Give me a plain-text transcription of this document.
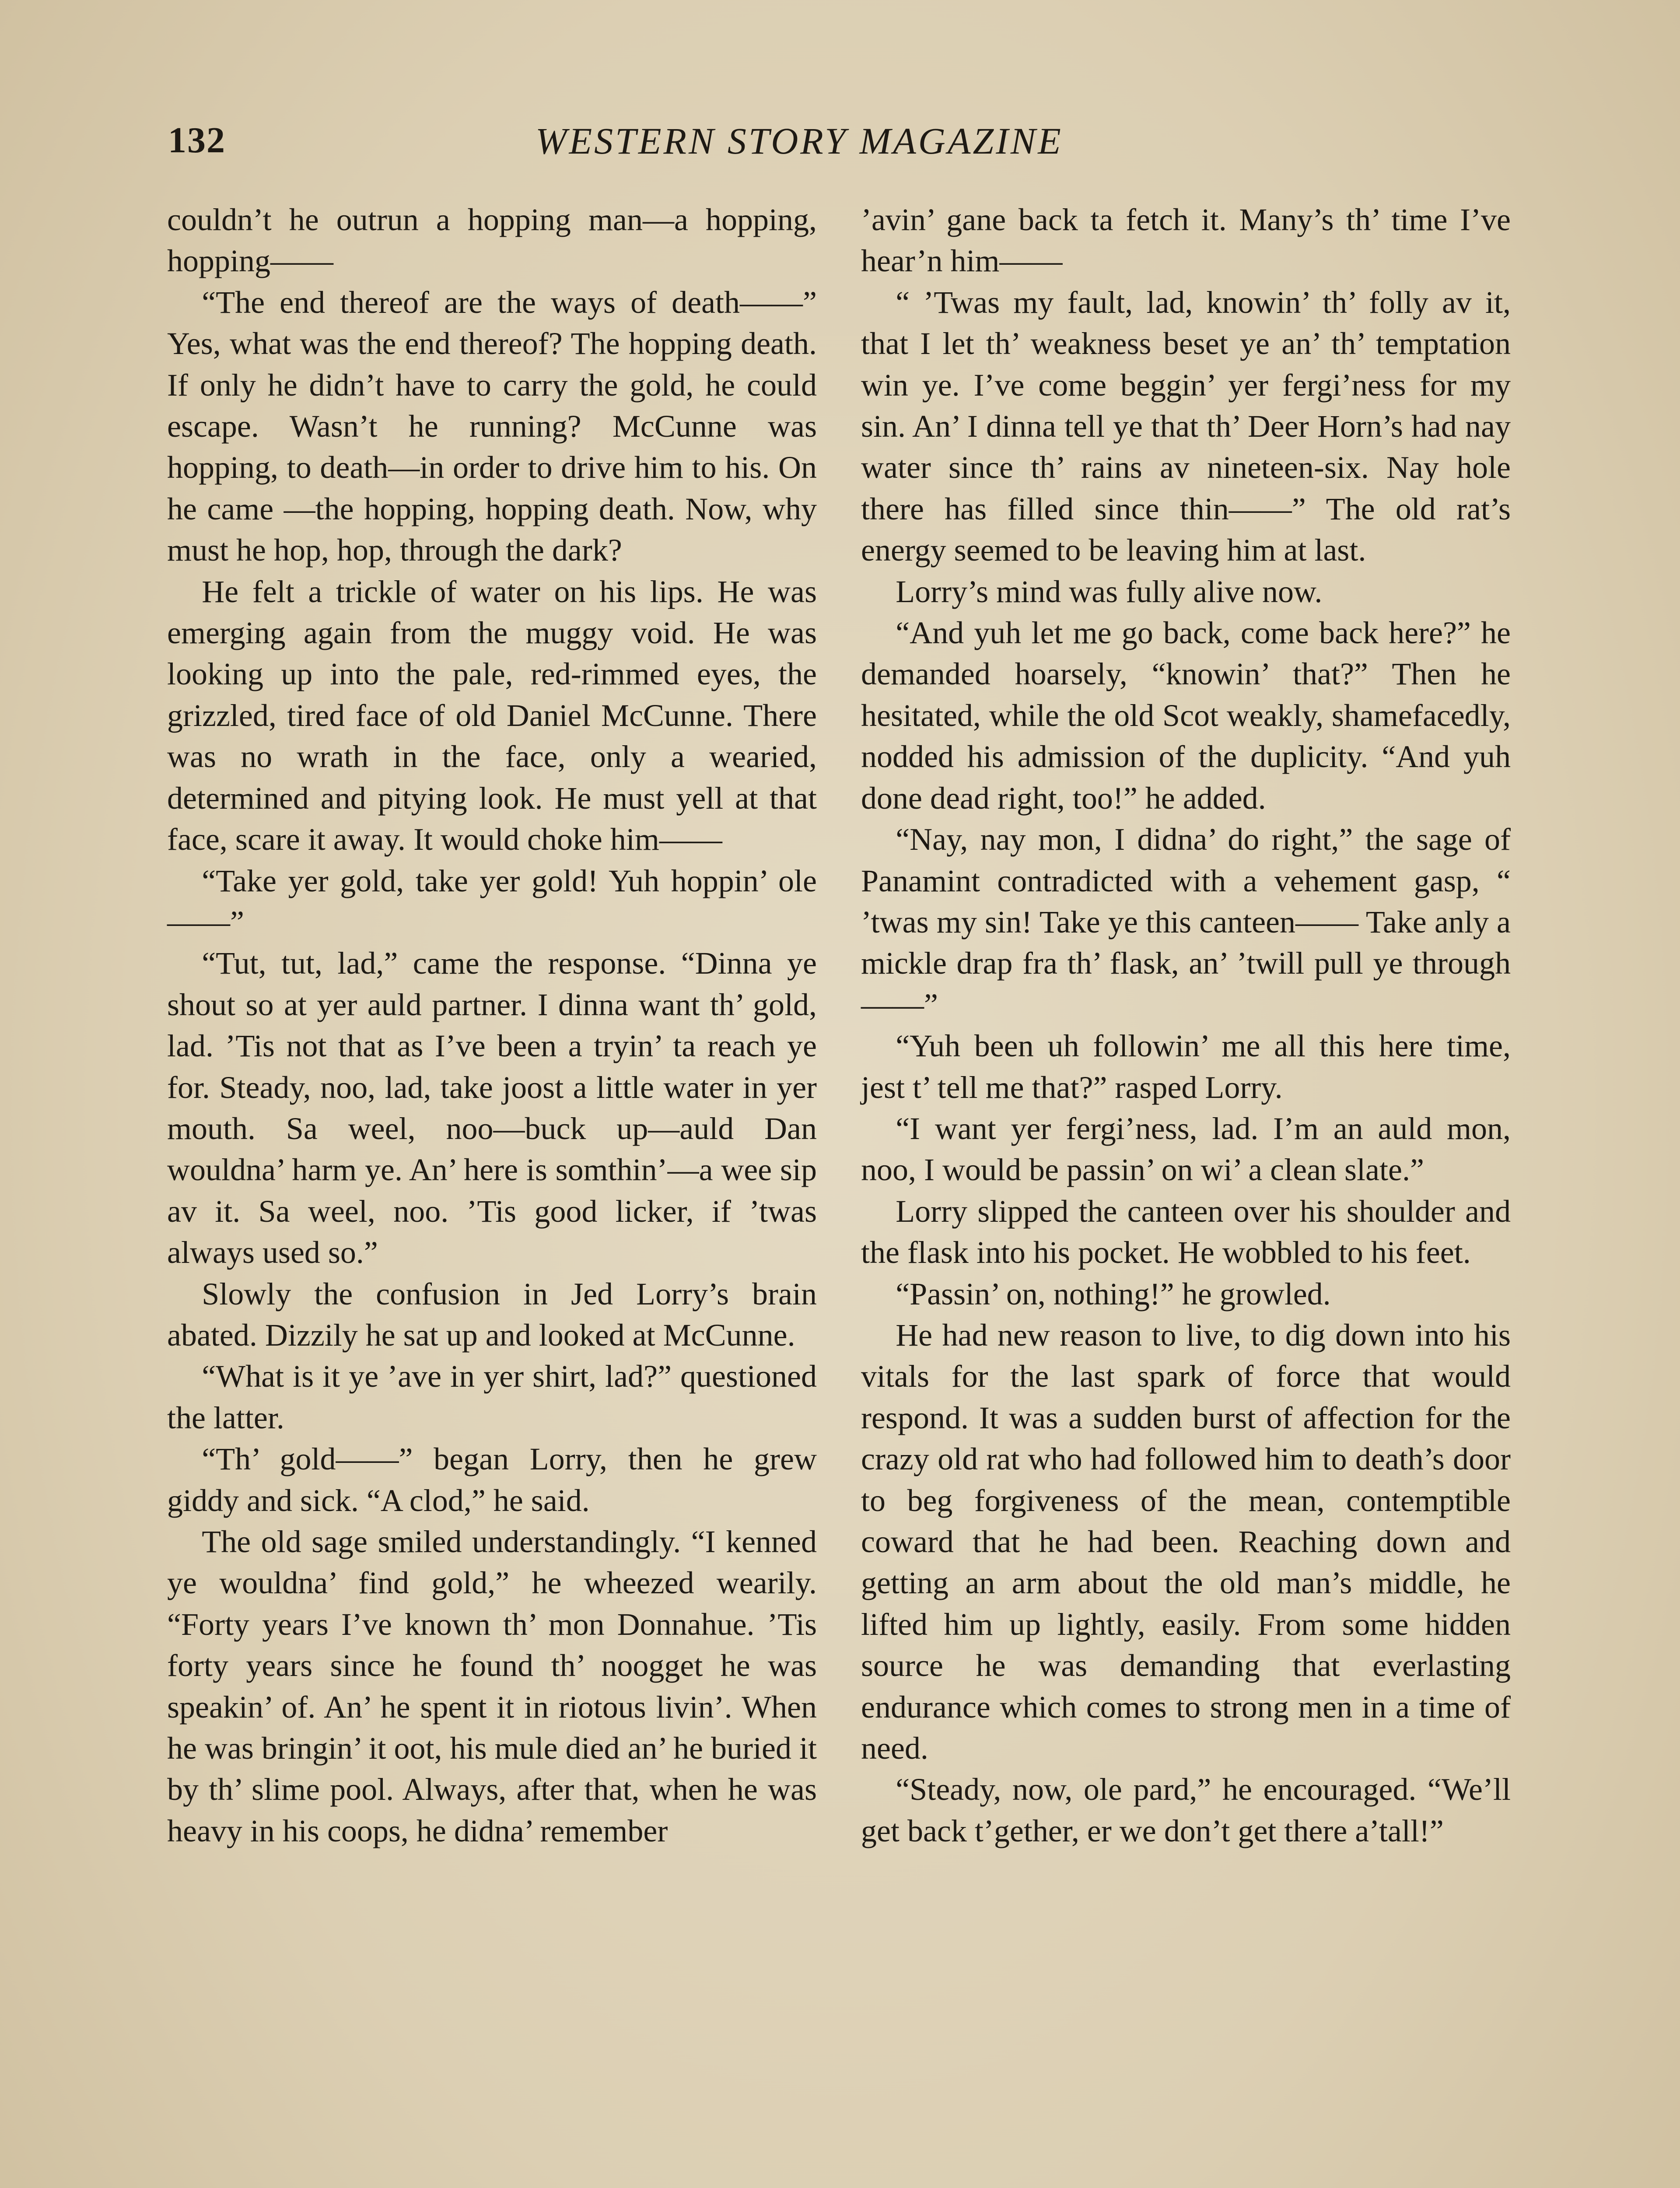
132	WESTERN STORY MAGAZINE

couldn’t he outrun a hopping man—a hopping, hopping——

“The end thereof are the ways of death——” Yes, what was the end thereof? The hopping death. If only he didn’t have to carry the gold, he could escape. Wasn’t he running? McCunne was hopping, to death—in order to drive him to his. On he came —the hopping, hopping death. Now, why must he hop, hop, through the dark?

He felt a trickle of water on his lips. He was emerging again from the muggy void. He was looking up into the pale, red-rimmed eyes, the grizzled, tired face of old Daniel McCunne. There was no wrath in the face, only a wearied, determined and pitying look. He must yell at that face, scare it away. It would choke him——

“Take yer gold, take yer gold! Yuh hoppin’ ole——”

“Tut, tut, lad,” came the response. “Dinna ye shout so at yer auld partner. I dinna want th’ gold, lad. ’Tis not that as I’ve been a tryin’ ta reach ye for. Steady, noo, lad, take joost a little water in yer mouth. Sa weel, noo—buck up—auld Dan wouldna’ harm ye. An’ here is somthin’—a wee sip av it. Sa weel, noo. ’Tis good licker, if ’twas always used so.”

Slowly the confusion in Jed Lorry’s brain abated. Dizzily he sat up and looked at McCunne.

“What is it ye ’ave in yer shirt, lad?” questioned the latter.

“Th’ gold——” began Lorry, then he grew giddy and sick. “A clod,” he said.

The old sage smiled understandingly. “I kenned ye wouldna’ find gold,” he wheezed wearily. “Forty years I’ve known th’ mon Donnahue. ’Tis forty years since he found th’ noogget he was speakin’ of. An’ he spent it in riotous livin’. When he was bringin’ it oot, his mule died an’ he buried it by th’ slime pool. Always, after that, when he was heavy in his coops, he didna’ remember

’avin’ gane back ta fetch it. Many’s th’ time I’ve hear’n him——

“ ’Twas my fault, lad, knowin’ th’ folly av it, that I let th’ weakness beset ye an’ th’ temptation win ye. I’ve come beggin’ yer fergi’ness for my sin. An’ I dinna tell ye that th’ Deer Horn’s had nay water since th’ rains av nineteen-six. Nay hole there has filled since thin——” The old rat’s energy seemed to be leaving him at last.

Lorry’s mind was fully alive now.

“And yuh let me go back, come back here?” he demanded hoarsely, “knowin’ that?” Then he hesitated, while the old Scot weakly, shamefacedly, nodded his admission of the duplicity. “And yuh done dead right, too!” he added.

“Nay, nay mon, I didna’ do right,” the sage of Panamint contradicted with a vehement gasp, “ ’twas my sin! Take ye this canteen—— Take anly a mickle drap fra th’ flask, an’ ’twill pull ye through——”

“Yuh been uh followin’ me all this here time, jest t’ tell me that?” rasped Lorry.

“I want yer fergi’ness, lad. I’m an auld mon, noo, I would be passin’ on wi’ a clean slate.”

Lorry slipped the canteen over his shoulder and the flask into his pocket. He wobbled to his feet.

“Passin’ on, nothing!” he growled.

He had new reason to live, to dig down into his vitals for the last spark of force that would respond. It was a sudden burst of affection for the crazy old rat who had followed him to death’s door to beg forgiveness of the mean, contemptible coward that he had been. Reaching down and getting an arm about the old man’s middle, he lifted him up lightly, easily. From some hidden source he was demanding that everlasting endurance which comes to strong men in a time of need.

“Steady, now, ole pard,” he encouraged. “We’ll get back t’gether, er we don’t get there a’tall!”
